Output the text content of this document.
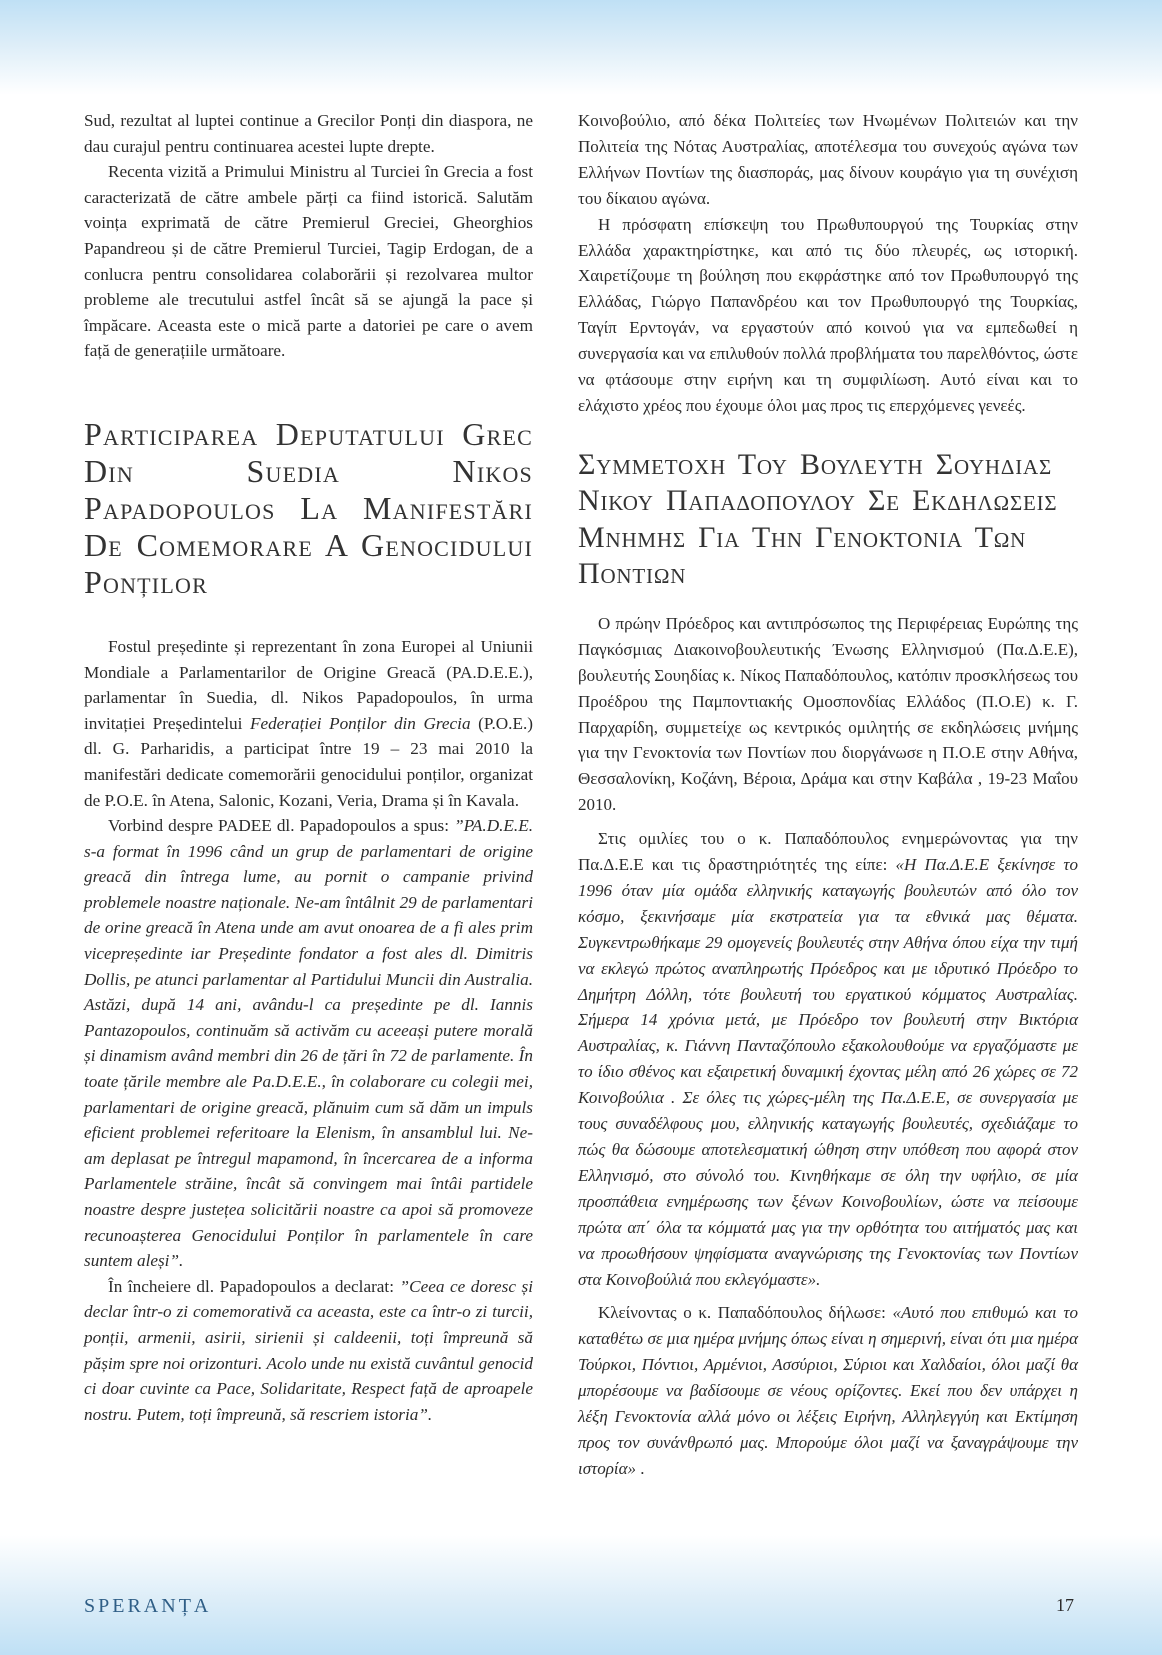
Sud, rezultat al luptei continue a Grecilor Ponți din diaspora, ne dau curajul pentru continuarea acestei lupte drepte.

Recenta vizită a Primului Ministru al Turciei în Grecia a fost caracterizată de către ambele părți ca fiind istorică. Salutăm voința exprimată de către Premierul Greciei, Gheorghios Papandreou și de către Premierul Turciei, Tagip Erdogan, de a conlucra pentru consolidarea colaborării și rezolvarea multor probleme ale trecutului astfel încât să se ajungă la pace și împăcare. Aceasta este o mică parte a datoriei pe care o avem față de generațiile următoare.

Participarea Deputatului Grec Din Suedia Nikos Papadopoulos La Manifestări De Comemorare A Genocidului Ponților

Fostul președinte și reprezentant în zona Europei al Uniunii Mondiale a Parlamentarilor de Origine Greacă (PA.D.E.E.), parlamentar în Suedia, dl. Nikos Papadopoulos, în urma invitației Președintelui Federației Ponților din Grecia (P.O.E.) dl. G. Parharidis, a participat între 19 – 23 mai 2010 la manifestări dedicate comemorării genocidului ponților, organizat de P.O.E. în Atena, Salonic, Kozani, Veria, Drama și în Kavala.

Vorbind despre PADEE dl. Papadopoulos a spus: ”PA.D.E.E. s-a format în 1996 când un grup de parlamentari de origine greacă din întrega lume, au pornit o campanie privind problemele noastre naționale. Ne-am întâlnit 29 de parlamentari de orine greacă în Atena unde am avut onoarea de a fi ales prim vicepreședinte iar Președinte fondator a fost ales dl. Dimitris Dollis, pe atunci parlamentar al Partidului Muncii din Australia. Astăzi, după 14 ani, avându-l ca președinte pe dl. Iannis Pantazopoulos, continuăm să activăm cu aceeași putere morală și dinamism având membri din 26 de țări în 72 de parlamente. În toate țările membre ale Pa.D.E.E., în colaborare cu colegii mei, parlamentari de origine greacă, plănuim cum să dăm un impuls eficient problemei referitoare la Elenism, în ansamblul lui. Ne-am deplasat pe întregul mapamond, în încercarea de a informa Parlamentele străine, încât să convingem mai întâi partidele noastre despre justețea solicitării noastre ca apoi să promoveze recunoașterea Genocidului Ponților în parlamentele în care suntem aleși”.

În încheiere dl. Papadopoulos a declarat: ”Ceea ce doresc și declar într-o zi comemorativă ca aceasta, este ca într-o zi turcii, ponții, armenii, asirii, sirienii și caldeenii, toți împreună să pășim spre noi orizonturi. Acolo unde nu există cuvântul genocid ci doar cuvinte ca Pace, Solidaritate, Respect față de aproapele nostru. Putem, toți împreună, să rescriem istoria”.

Κοινοβούλιο, από δέκα Πολιτείες των Ηνωμένων Πολιτειών και την Πολιτεία της Νότας Αυστραλίας, αποτέλεσμα του συνεχούς αγώνα των Ελλήνων Ποντίων της διασποράς, μας δίνουν κουράγιο για τη συνέχιση του δίκαιου αγώνα.

Η πρόσφατη επίσκεψη του Πρωθυπουργού της Τουρκίας στην Ελλάδα χαρακτηρίστηκε, και από τις δύο πλευρές, ως ιστορική. Χαιρετίζουμε τη βούληση που εκφράστηκε από τον Πρωθυπουργό της Ελλάδας, Γιώργο Παπανδρέου και τον Πρωθυπουργό της Τουρκίας, Ταγίπ Ερντογάν, να εργαστούν από κοινού για να εμπεδωθεί η συνεργασία και να επιλυθούν πολλά προβλήματα του παρελθόντος, ώστε να φτάσουμε στην ειρήνη και τη συμφιλίωση. Αυτό είναι και το ελάχιστο χρέος που έχουμε όλοι μας προς τις επερχόμενες γενεές.

Συμμετοχη Του Βουλευτη Σουηδιας Νικου Παπαδοπουλου Σε Εκδηλωσεις Μνημης Για Την Γενοκτονια Των Ποντιων

Ο πρώην Πρόεδρος και αντιπρόσωπος της Περιφέρειας Ευρώπης της Παγκόσμιας Διακοινοβουλευτικής Ένωσης Ελληνισμού (Πα.Δ.Ε.Ε), βουλευτής Σουηδίας κ. Νίκος Παπαδόπουλος, κατόπιν προσκλήσεως του Προέδρου της Παμποντιακής Ομοσπονδίας Ελλάδος (Π.Ο.Ε) κ. Γ. Παρχαρίδη, συμμετείχε ως κεντρικός ομιλητής σε εκδηλώσεις μνήμης για την Γενοκτονία των Ποντίων που διοργάνωσε η Π.Ο.Ε στην Αθήνα, Θεσσαλονίκη, Κοζάνη, Βέροια, Δράμα και στην Καβάλα , 19-23 Μαΐου 2010.

Στις ομιλίες του ο κ. Παπαδόπουλος ενημερώνοντας για την Πα.Δ.Ε.Ε και τις δραστηριότητές της είπε: «Η Πα.Δ.Ε.Ε ξεκίνησε το 1996 όταν μία ομάδα ελληνικής καταγωγής βουλευτών από όλο τον κόσμο, ξεκινήσαμε μία εκστρατεία για τα εθνικά μας θέματα. Συγκεντρωθήκαμε 29 ομογενείς βουλευτές στην Αθήνα όπου είχα την τιμή να εκλεγώ πρώτος αναπληρωτής Πρόεδρος και με ιδρυτικό Πρόεδρο το Δημήτρη Δόλλη, τότε βουλευτή του εργατικού κόμματος Αυστραλίας. Σήμερα 14 χρόνια μετά, με Πρόεδρο τον βουλευτή στην Βικτόρια Αυστραλίας, κ. Γιάννη Πανταζόπουλο εξακολουθούμε να εργαζόμαστε με το ίδιο σθένος και εξαιρετική δυναμική έχοντας μέλη από 26 χώρες σε 72 Κοινοβούλια . Σε όλες τις χώρες-μέλη της Πα.Δ.Ε.Ε, σε συνεργασία με τους συναδέλφους μου, ελληνικής καταγωγής βουλευτές, σχεδιάζαμε το πώς θα δώσουμε αποτελεσματική ώθηση στην υπόθεση που αφορά στον Ελληνισμό, στο σύνολό του. Κινηθήκαμε σε όλη την υφήλιο, σε μία προσπάθεια ενημέρωσης των ξένων Κοινοβουλίων, ώστε να πείσουμε πρώτα απ΄ όλα τα κόμματά μας για την ορθότητα του αιτήματός μας και να προωθήσουν ψηφίσματα αναγνώρισης της Γενοκτονίας των Ποντίων στα Κοινοβούλιά που εκλεγόμαστε».

Κλείνοντας ο κ. Παπαδόπουλος δήλωσε: «Αυτό που επιθυμώ και το καταθέτω σε μια ημέρα μνήμης όπως είναι η σημερινή, είναι ότι μια ημέρα Τούρκοι, Πόντιοι, Αρμένιοι, Ασσύριοι, Σύριοι και Χαλδαίοι, όλοι μαζί θα μπορέσουμε να βαδίσουμε σε νέους ορίζοντες. Εκεί που δεν υπάρχει η λέξη Γενοκτονία αλλά μόνο οι λέξεις Ειρήνη, Αλληλεγγύη και Εκτίμηση προς τον συνάνθρωπό μας. Μπορούμε όλοι μαζί να ξαναγράψουμε την ιστορία» .

SPERANȚA	17
